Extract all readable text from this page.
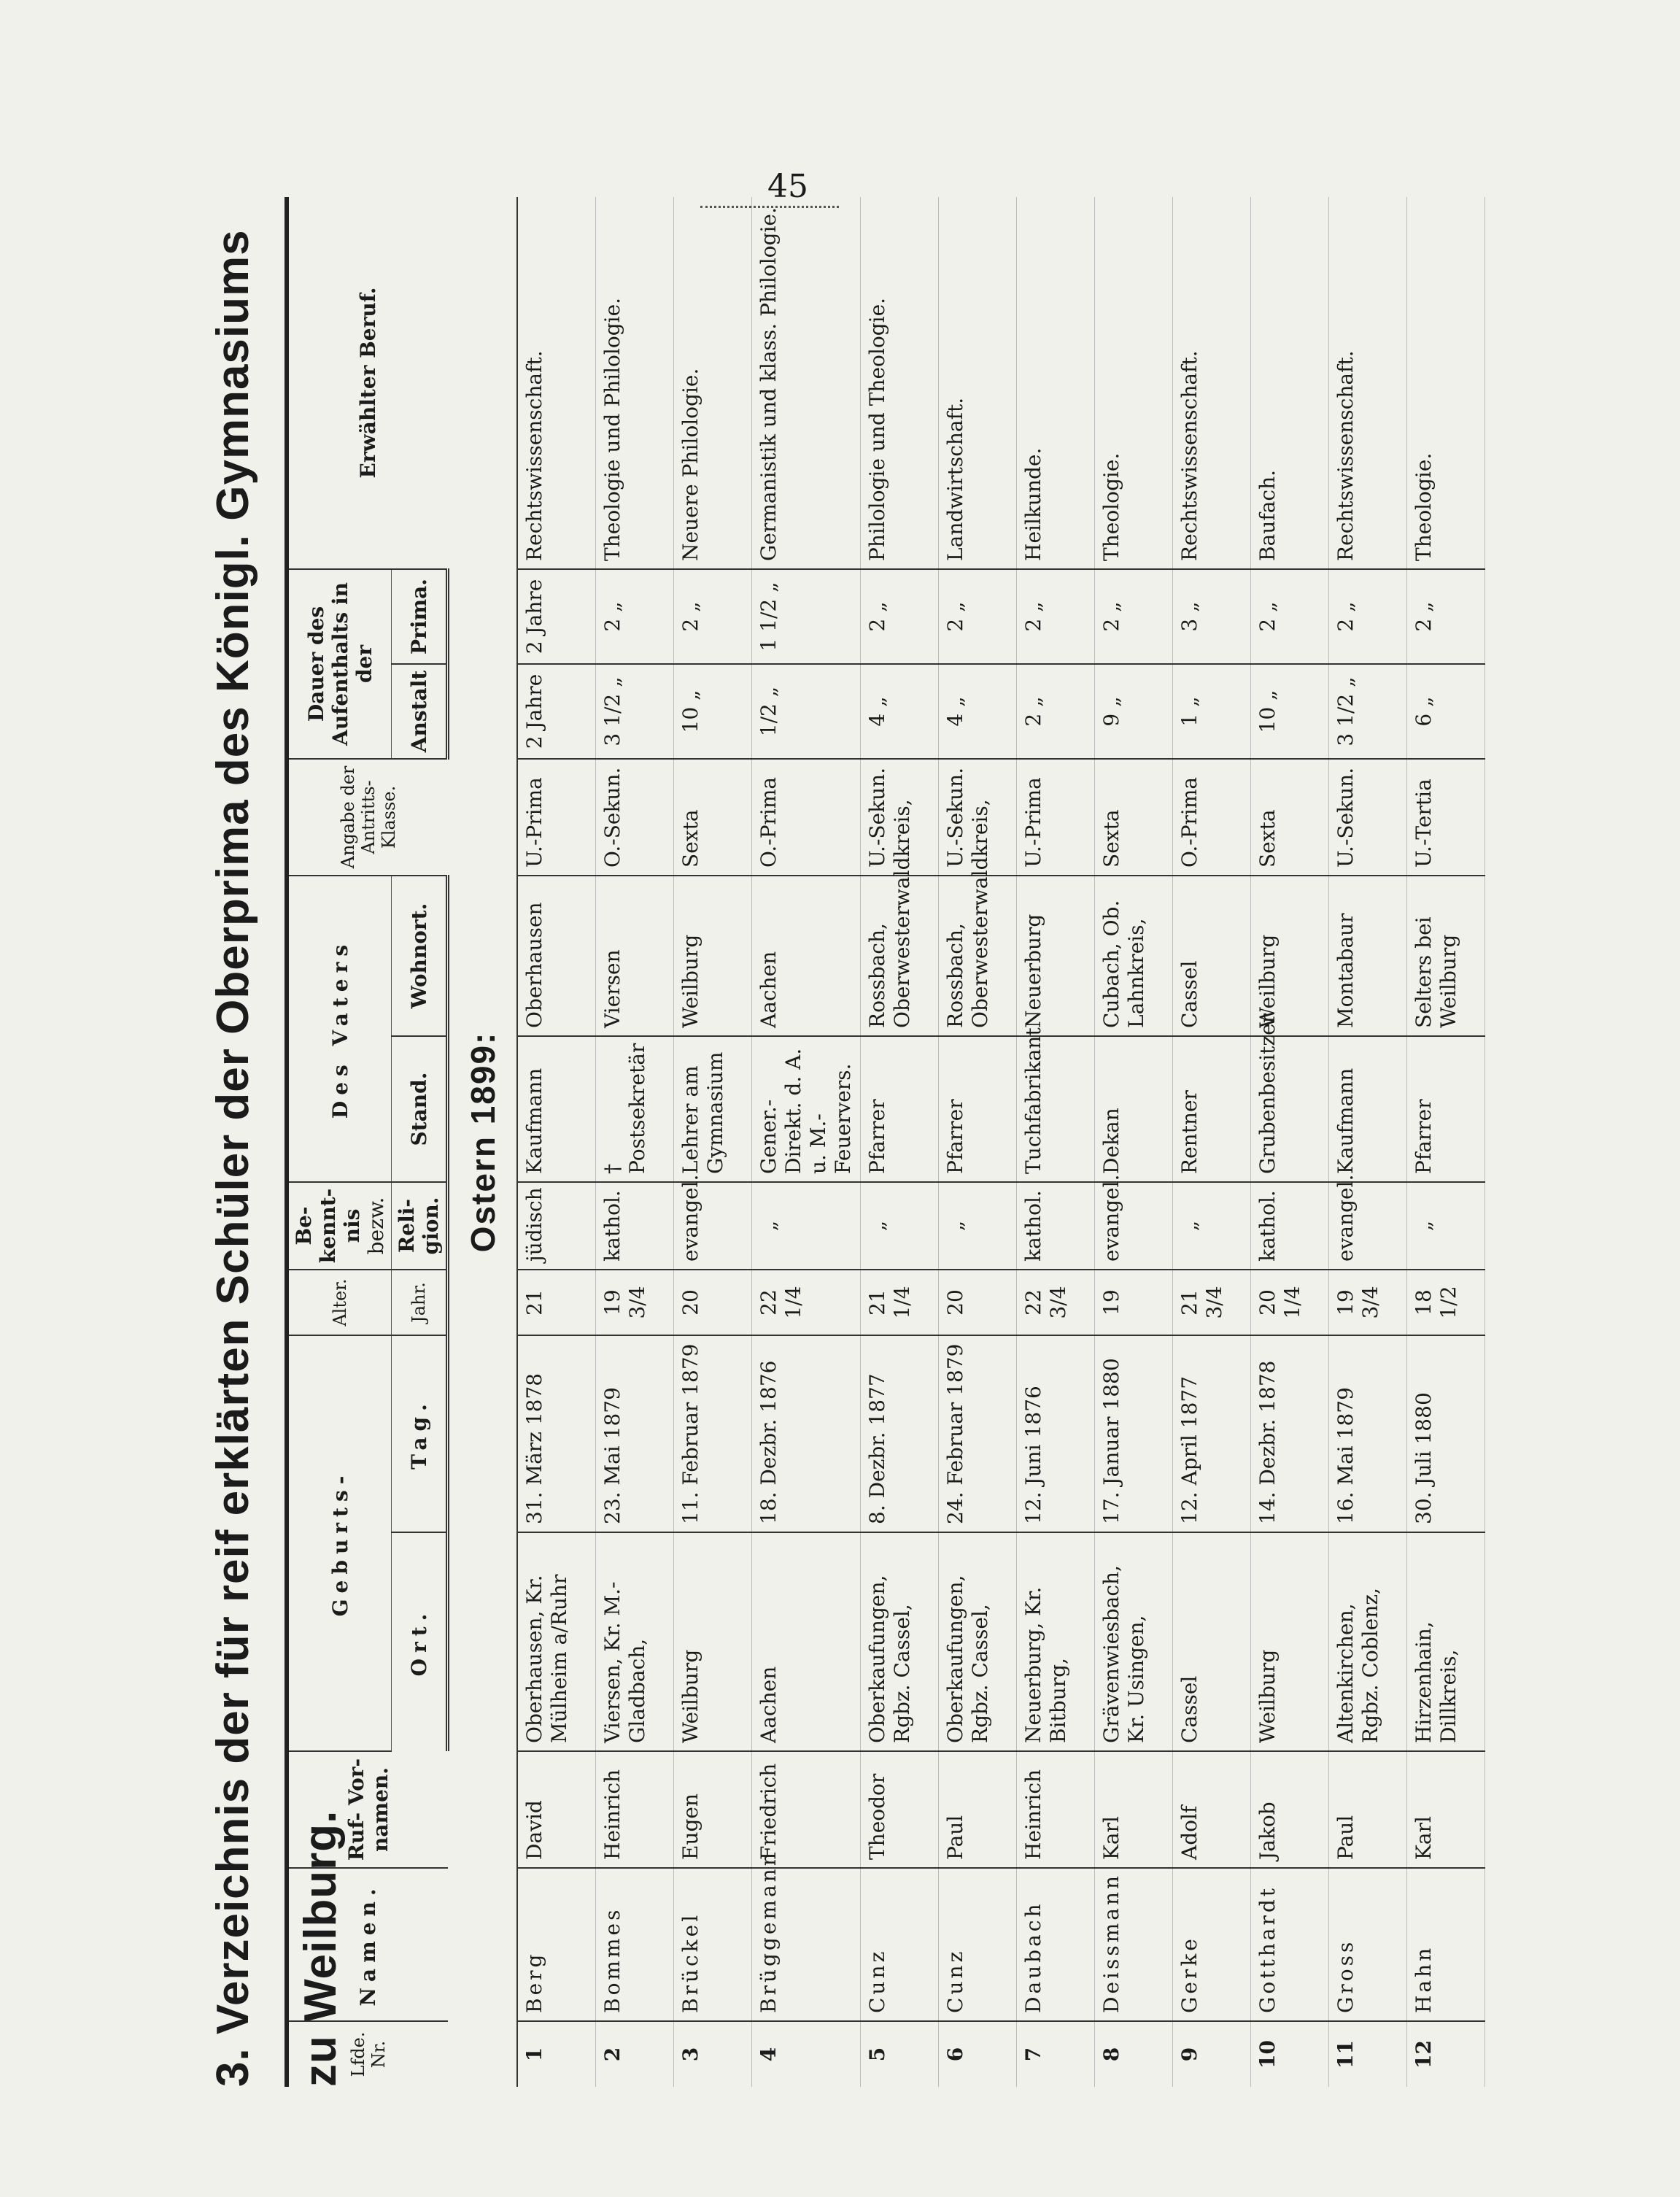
45
3. Verzeichnis der für reif erklärten Schüler der Oberprima des Königl. Gymnasiums zu Weilburg. Lfde. Nr.	Namen.	Ruf- Vor- namen.	Geburts-		Alter.	Be- kennt- nis
bezw.	Des Vaters		Angabe der Antritts- Klasse.	Dauer des Aufenthalts in der		Erwählter Beruf.
			Ort.	Tag.	Jahr.	Reli- gion.	Stand.	Wohnort.		Anstalt	Prima.	
Ostern 1899:												
1	Berg	David	Oberhausen, Kr. Mülheim a/Ruhr	31. März 1878	21	jüdisch	Kaufmann	Oberhausen	U.-Prima	2 Jahre	2 Jahre	Rechtswissenschaft.
2	Bommes	Heinrich	Viersen, Kr. M.-Gladbach,	23. Mai 1879	19 3/4	kathol.	† Postsekretär	Viersen	O.-Sekun.	3 1/2 „	2 „	Theologie und Philologie.
3	Brückel	Eugen	Weilburg	11. Februar 1879	20	evangel.	Lehrer am Gymnasium	Weilburg	Sexta	10 „	2 „	Neuere Philologie.
4	Brüggemann	Friedrich	Aachen	18. Dezbr. 1876	22 1/4	„	Gener.-Direkt. d. A. u. M.-Feuervers.	Aachen	O.-Prima	1/2 „	1 1/2 „	Germanistik und klass. Philologie.
5	Cunz	Theodor	Oberkaufungen, Rgbz. Cassel,	8. Dezbr. 1877	21 1/4	„	Pfarrer	Rossbach, Oberwesterwaldkreis,	U.-Sekun.	4 „	2 „	Philologie und Theologie.
6	Cunz	Paul	Oberkaufungen, Rgbz. Cassel,	24. Februar 1879	20	„	Pfarrer	Rossbach, Oberwesterwaldkreis,	U.-Sekun.	4 „	2 „	Landwirtschaft.
7	Daubach	Heinrich	Neuerburg, Kr. Bitburg,	12. Juni 1876	22 3/4	kathol.	Tuchfabrikant	Neuerburg	U.-Prima	2 „	2 „	Heilkunde.
8	Deissmann	Karl	Grävenwiesbach, Kr. Usingen,	17. Januar 1880	19	evangel.	Dekan	Cubach, Ob. Lahnkreis,	Sexta	9 „	2 „	Theologie.
9	Gerke	Adolf	Cassel	12. April 1877	21 3/4	„	Rentner	Cassel	O.-Prima	1 „	3 „	Rechtswissenschaft.
10	Gotthardt	Jakob	Weilburg	14. Dezbr. 1878	20 1/4	kathol.	Grubenbesitzer	Weilburg	Sexta	10 „	2 „	Baufach.
11	Gross	Paul	Altenkirchen, Rgbz. Coblenz,	16. Mai 1879	19 3/4	evangel.	Kaufmann	Montabaur	U.-Sekun.	3 1/2 „	2 „	Rechtswissenschaft.
12	Hahn	Karl	Hirzenhain, Dillkreis,	30. Juli 1880	18 1/2	„	Pfarrer	Selters bei Weilburg	U.-Tertia	6 „	2 „	Theologie.
